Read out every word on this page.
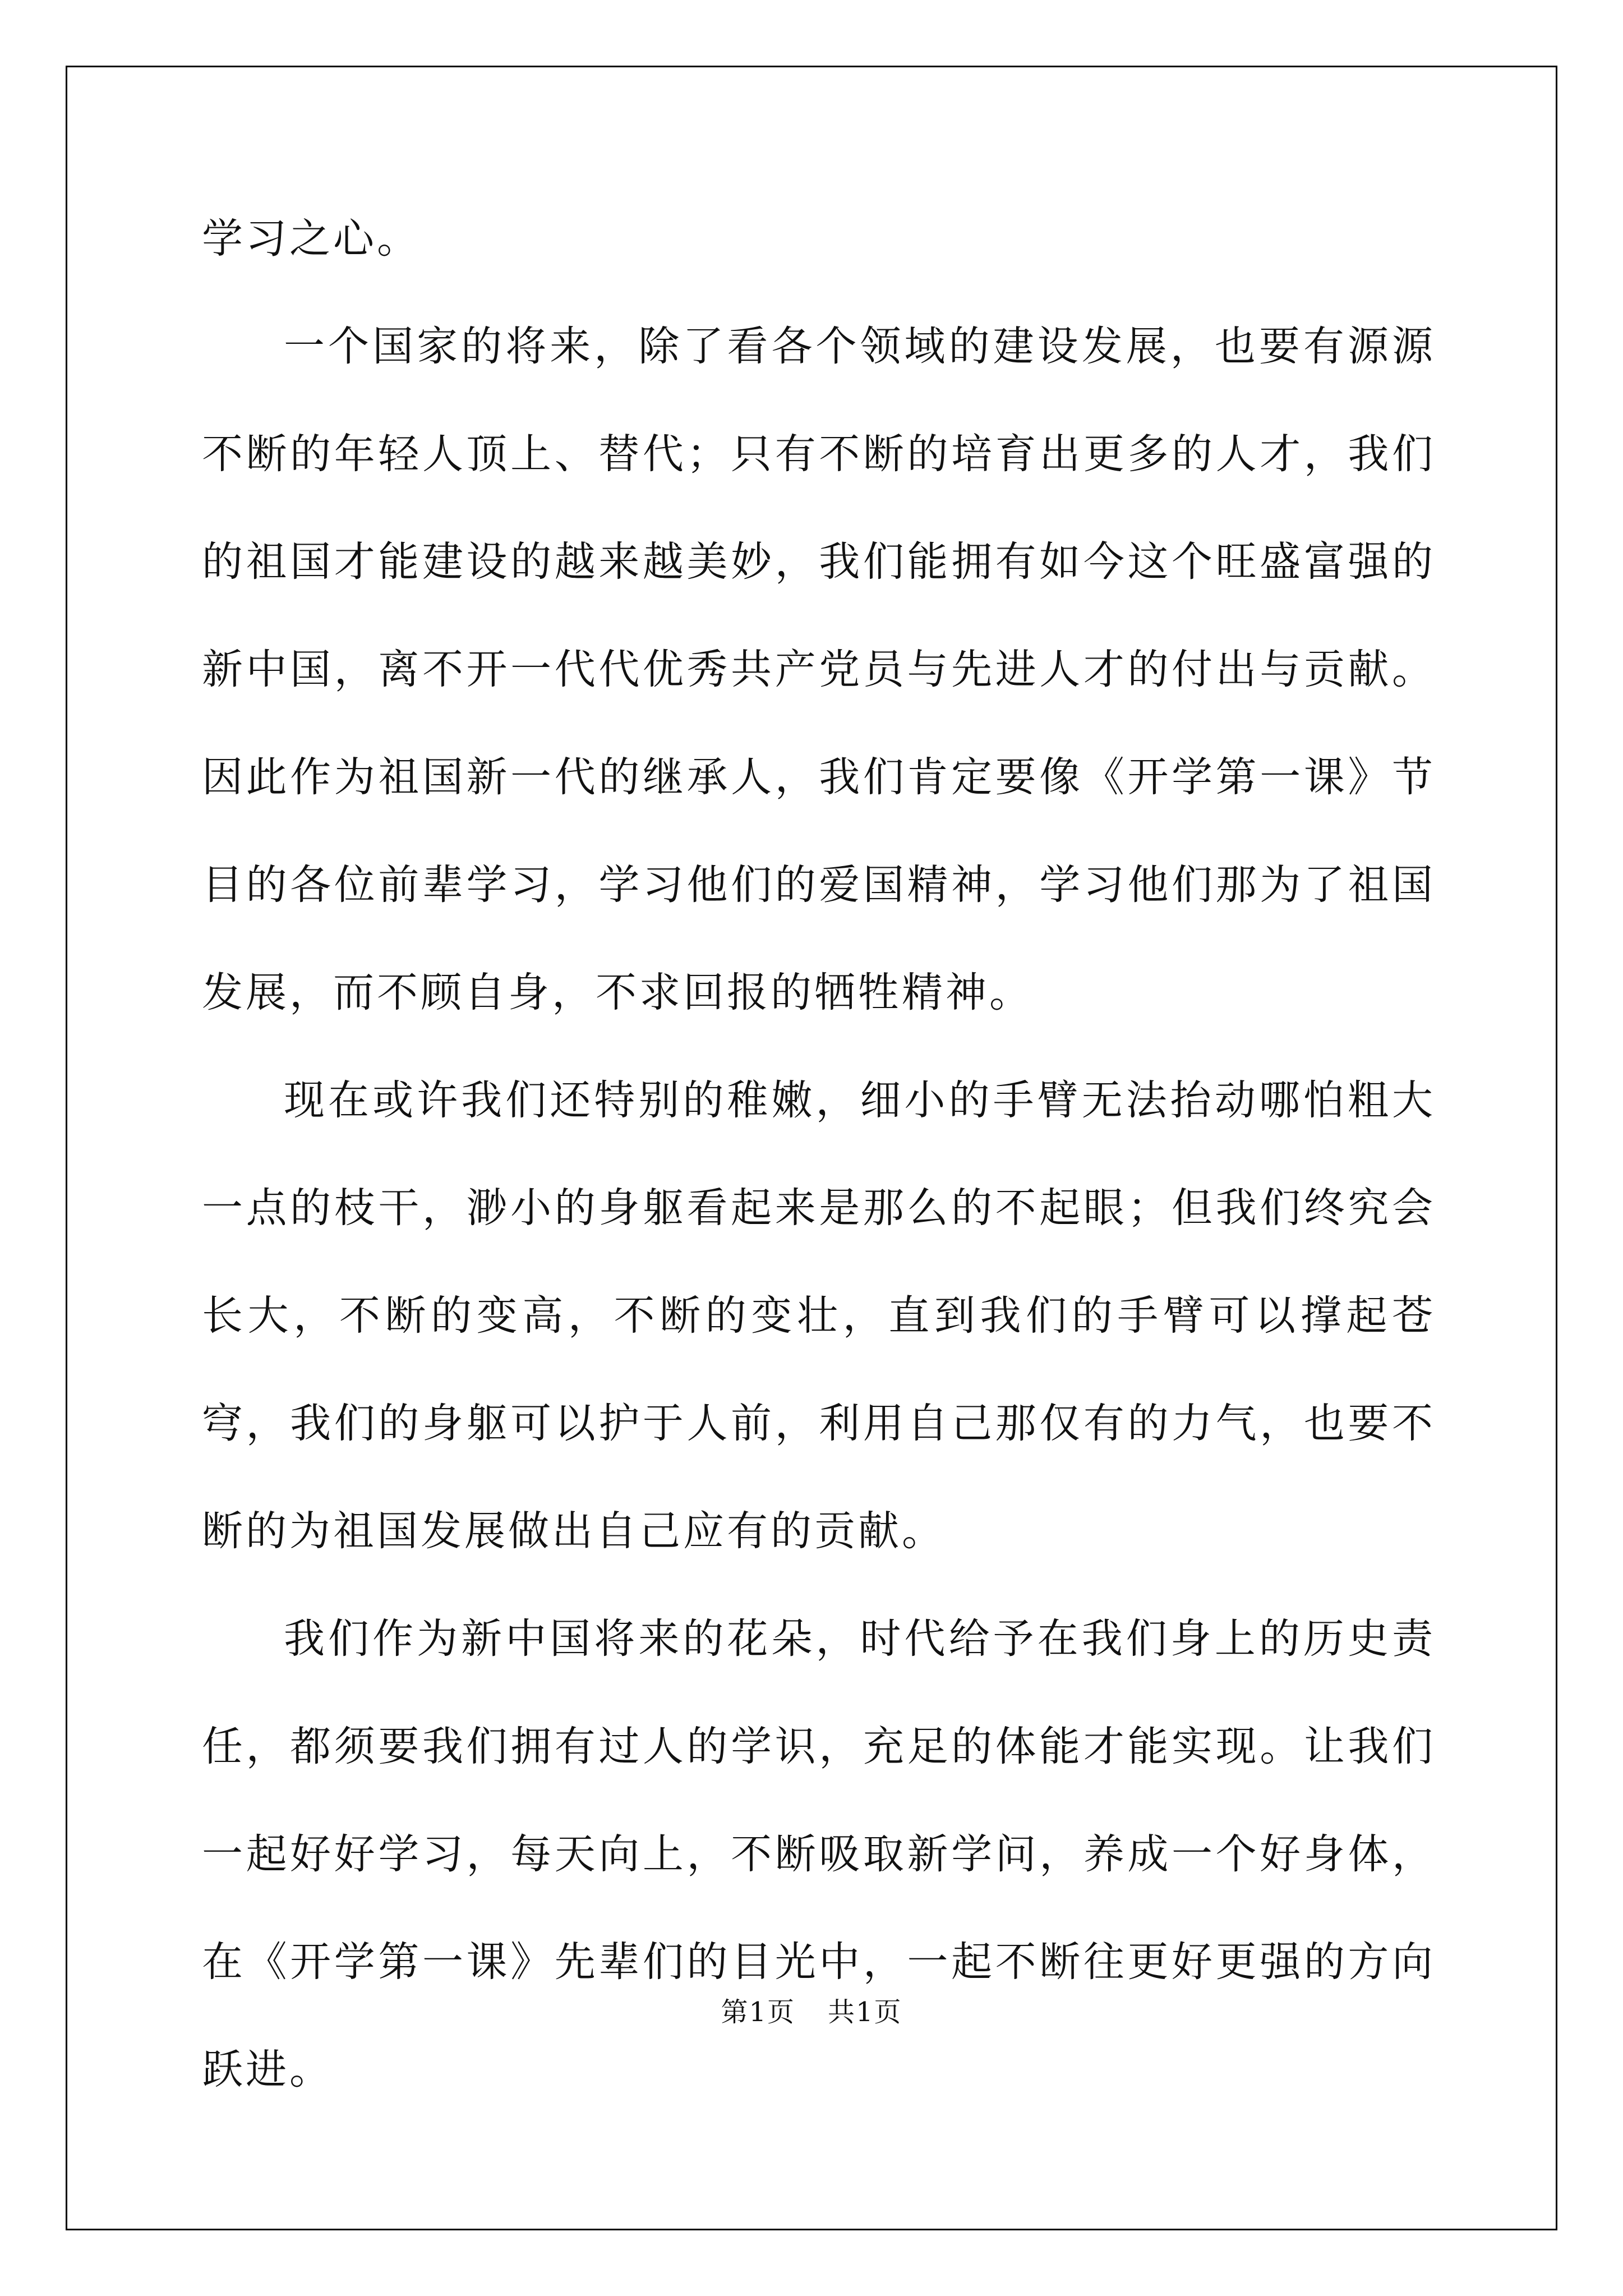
学习之心。

一个国家的将来，除了看各个领域的建设发展，也要有源源不断的年轻人顶上、替代；只有不断的培育出更多的人才，我们的祖国才能建设的越来越美妙，我们能拥有如今这个旺盛富强的新中国，离不开一代代优秀共产党员与先进人才的付出与贡献。因此作为祖国新一代的继承人，我们肯定要像《开学第一课》节目的各位前辈学习，学习他们的爱国精神，学习他们那为了祖国发展，而不顾自身，不求回报的牺牲精神。

现在或许我们还特别的稚嫩，细小的手臂无法抬动哪怕粗大一点的枝干，渺小的身躯看起来是那么的不起眼；但我们终究会长大，不断的变高，不断的变壮，直到我们的手臂可以撑起苍穹，我们的身躯可以护于人前，利用自己那仅有的力气，也要不断的为祖国发展做出自己应有的贡献。

我们作为新中国将来的花朵，时代给予在我们身上的历史责任，都须要我们拥有过人的学识，充足的体能才能实现。让我们一起好好学习，每天向上，不断吸取新学问，养成一个好身体，在《开学第一课》先辈们的目光中，一起不断往更好更强的方向跃进。

第1页 共1页
